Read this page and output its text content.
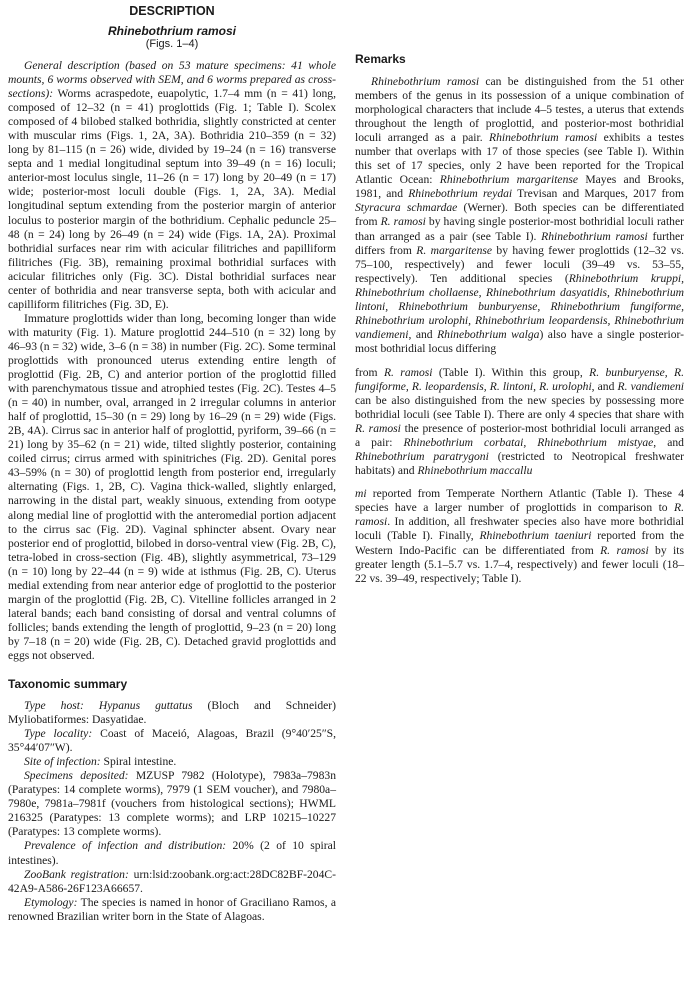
DESCRIPTION

Rhinebothrium ramosi

(Figs. 1–4)

General description (based on 53 mature specimens: 41 whole mounts, 6 worms observed with SEM, and 6 worms prepared as cross-sections): Worms acraspedote, euapolytic, 1.7–4 mm (n = 41) long, composed of 12–32 (n = 41) proglottids (Fig. 1; Table I). Scolex composed of 4 bilobed stalked bothridia, slightly constricted at center with muscular rims (Figs. 1, 2A, 3A). Bothridia 210–359 (n = 32) long by 81–115 (n = 26) wide, divided by 19–24 (n = 16) transverse septa and 1 medial longitudinal septum into 39–49 (n = 16) loculi; anterior-most loculus single, 11–26 (n = 17) long by 20–49 (n = 17) wide; posterior-most loculi double (Figs. 1, 2A, 3A). Medial longitudinal septum extending from the posterior margin of anterior loculus to posterior margin of the bothridium. Cephalic peduncle 25–48 (n = 24) long by 26–49 (n = 24) wide (Figs. 1A, 2A). Proximal bothridial surfaces near rim with acicular filitriches and papilliform filitriches (Fig. 3B), remaining proximal bothridial surfaces with acicular filitriches only (Fig. 3C). Distal bothridial surfaces near center of bothridia and near transverse septa, both with acicular and capilliform filitriches (Fig. 3D, E).

Immature proglottids wider than long, becoming longer than wide with maturity (Fig. 1). Mature proglottid 244–510 (n = 32) long by 46–93 (n = 32) wide, 3–6 (n = 38) in number (Fig. 2C). Some terminal proglottids with pronounced uterus extending entire length of proglottid (Fig. 2B, C) and anterior portion of the proglottid filled with parenchymatous tissue and atrophied testes (Fig. 2C). Testes 4–5 (n = 40) in number, oval, arranged in 2 irregular columns in anterior half of proglottid, 15–30 (n = 29) long by 16–29 (n = 29) wide (Figs. 2B, 4A). Cirrus sac in anterior half of proglottid, pyriform, 39–66 (n = 21) long by 35–62 (n = 21) wide, tilted slightly posterior, containing coiled cirrus; cirrus armed with spinitriches (Fig. 2D). Genital pores 43–59% (n = 30) of proglottid length from posterior end, irregularly alternating (Figs. 1, 2B, C). Vagina thick-walled, slightly enlarged, narrowing in the distal part, weakly sinuous, extending from ootype along medial line of proglottid with the anteromedial portion adjacent to the cirrus sac (Fig. 2D). Vaginal sphincter absent. Ovary near posterior end of proglottid, bilobed in dorso-ventral view (Fig. 2B, C), tetra-lobed in cross-section (Fig. 4B), slightly asymmetrical, 73–129 (n = 10) long by 22–44 (n = 9) wide at isthmus (Fig. 2B, C). Uterus medial extending from near anterior edge of proglottid to the posterior margin of the proglottid (Fig. 2B, C). Vitelline follicles arranged in 2 lateral bands; each band consisting of dorsal and ventral columns of follicles; bands extending the length of proglottid, 9–23 (n = 20) long by 7–18 (n = 20) wide (Fig. 2B, C). Detached gravid proglottids and eggs not observed.

Taxonomic summary

Type host: Hypanus guttatus (Bloch and Schneider) Myliobatiformes: Dasyatidae.

Type locality: Coast of Maceió, Alagoas, Brazil (9°40′25″S, 35°44′07″W).

Site of infection: Spiral intestine.

Specimens deposited: MZUSP 7982 (Holotype), 7983a–7983n (Paratypes: 14 complete worms), 7979 (1 SEM voucher), and 7980a–7980e, 7981a–7981f (vouchers from histological sections); HWML 216325 (Paratypes: 13 complete worms); and LRP 10215–10227 (Paratypes: 13 complete worms).

Prevalence of infection and distribution: 20% (2 of 10 spiral intestines).

ZooBank registration: urn:lsid:zoobank.org:act:28DC82BF-204C-42A9-A586-26F123A66657.

Etymology: The species is named in honor of Graciliano Ramos, a renowned Brazilian writer born in the State of Alagoas.

Remarks

Rhinebothrium ramosi can be distinguished from the 51 other members of the genus in its possession of a unique combination of morphological characters that include 4–5 testes, a uterus that extends throughout the length of proglottid, and posterior-most bothridial loculi arranged as a pair. Rhinebothrium ramosi exhibits a testes number that overlaps with 17 of those species (see Table I). Within this set of 17 species, only 2 have been reported for the Tropical Atlantic Ocean: Rhinebothrium margaritense Mayes and Brooks, 1981, and Rhinebothrium reydai Trevisan and Marques, 2017 from Styracura schmardae (Werner). Both species can be differentiated from R. ramosi by having single posterior-most bothridial loculi rather than arranged as a pair (see Table I). Rhinebothrium ramosi further differs from R. margaritense by having fewer proglottids (12–32 vs. 75–100, respectively) and fewer loculi (39–49 vs. 53–55, respectively). Ten additional species (Rhinebothrium kruppi, Rhinebothrium chollaense, Rhinebothrium dasyatidis, Rhinebothrium lintoni, Rhinebothrium bunburyense, Rhinebothrium fungiforme, Rhinebothrium urolophi, Rhinebothrium leopardensis, Rhinebothrium vandiemeni, and Rhinebothrium walga) also have a single posterior-most bothridial locus differing

from R. ramosi (Table I). Within this group, R. bunburyense, R. fungiforme, R. leopardensis, R. lintoni, R. urolophi, and R. vandiemeni can be also distinguished from the new species by possessing more bothridial loculi (see Table I). There are only 4 species that share with R. ramosi the presence of posterior-most bothridial loculi arranged as a pair: Rhinebothrium corbatai, Rhinebothrium mistyae, and Rhinebothrium paratrygoni (restricted to Neotropical freshwater habitats) and Rhinebothrium maccallu

mi reported from Temperate Northern Atlantic (Table I). These 4 species have a larger number of proglottids in comparison to R. ramosi. In addition, all freshwater species also have more bothridial loculi (Table I). Finally, Rhinebothrium taeniuri reported from the Western Indo-Pacific can be differentiated from R. ramosi by its greater length (5.1–5.7 vs. 1.7–4, respectively) and fewer loculi (18–22 vs. 39–49, respectively; Table I).
